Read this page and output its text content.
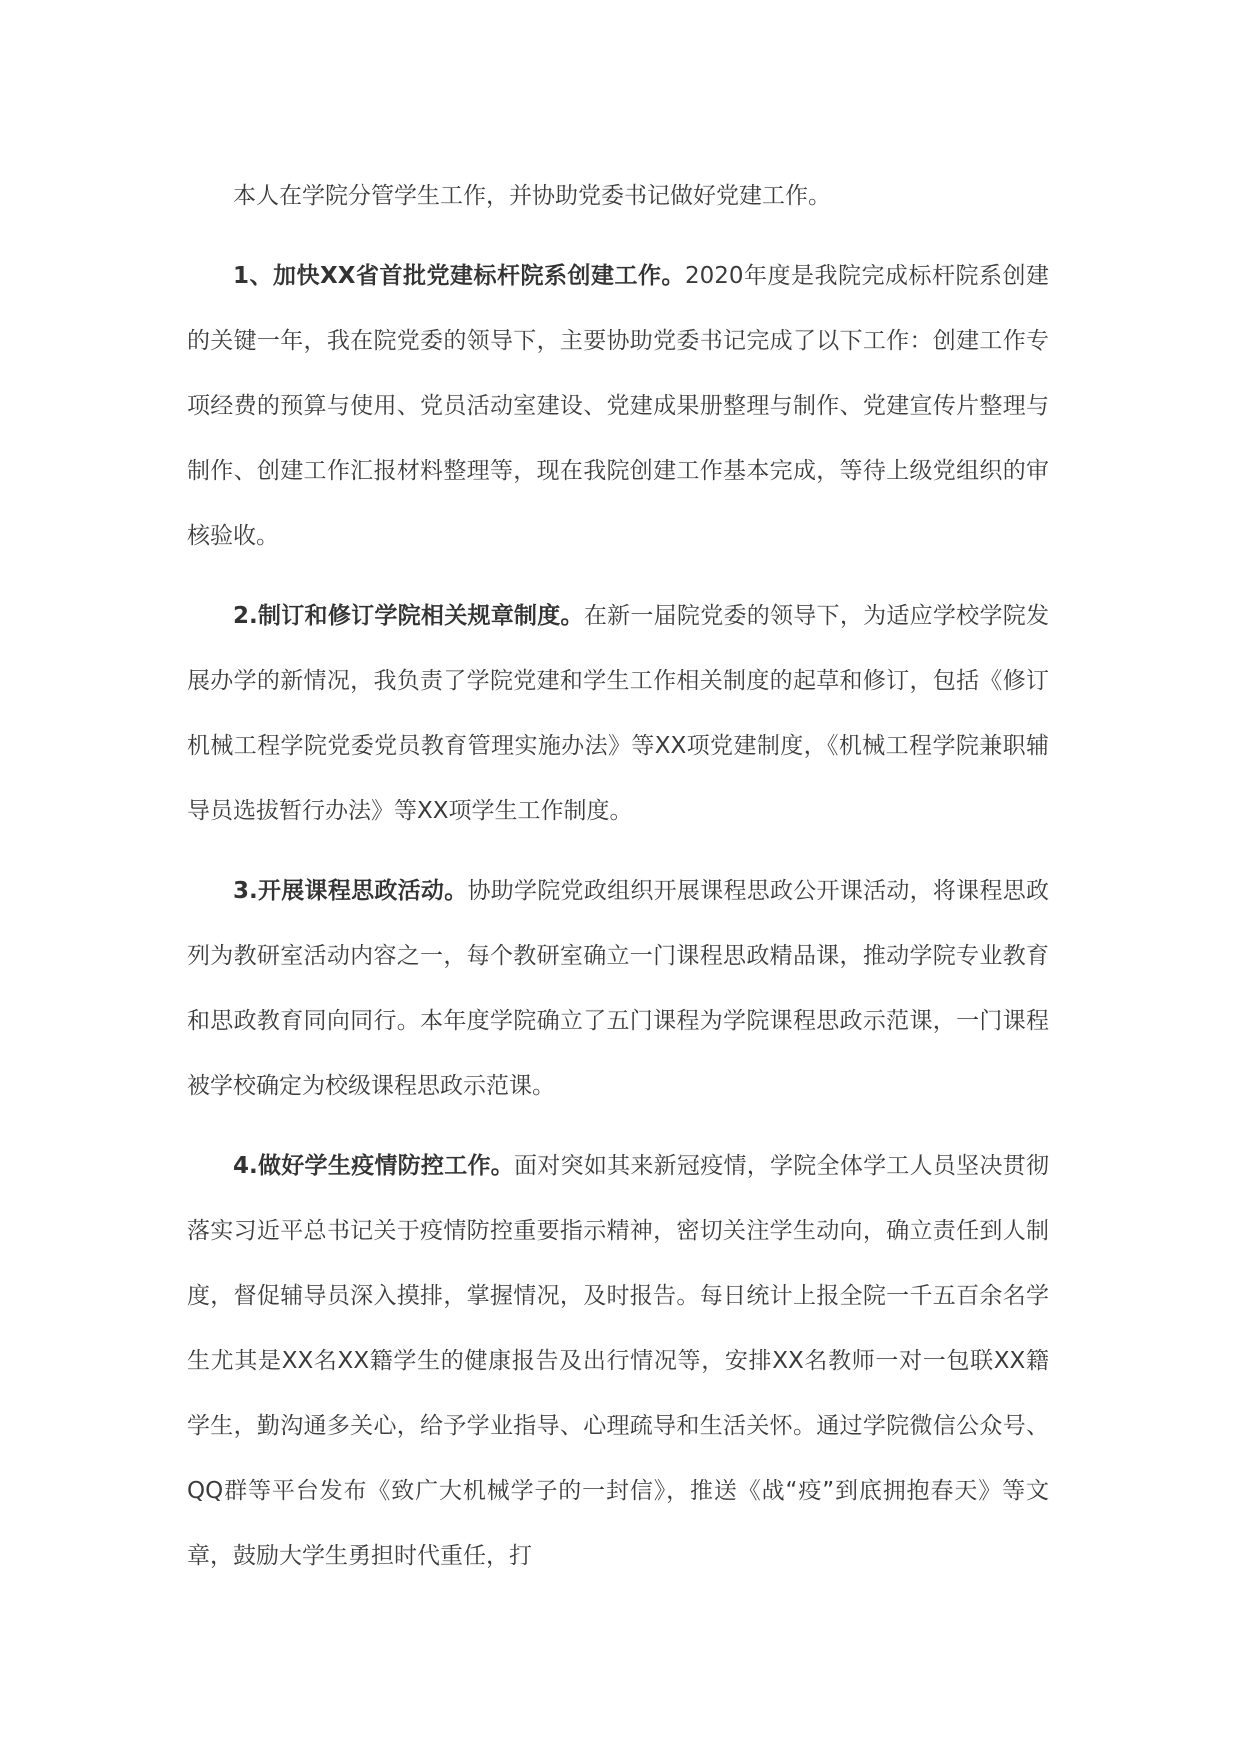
本人在学院分管学生工作，并协助党委书记做好党建工作。

1、加快XX省首批党建标杆院系创建工作。2020年度是我院完成标杆院系创建的关键一年，我在院党委的领导下，主要协助党委书记完成了以下工作：创建工作专项经费的预算与使用、党员活动室建设、党建成果册整理与制作、党建宣传片整理与制作、创建工作汇报材料整理等，现在我院创建工作基本完成，等待上级党组织的审核验收。

2.制订和修订学院相关规章制度。在新一届院党委的领导下，为适应学校学院发展办学的新情况，我负责了学院党建和学生工作相关制度的起草和修订，包括《修订机械工程学院党委党员教育管理实施办法》等XX项党建制度，《机械工程学院兼职辅导员选拔暂行办法》等XX项学生工作制度。

3.开展课程思政活动。协助学院党政组织开展课程思政公开课活动，将课程思政列为教研室活动内容之一，每个教研室确立一门课程思政精品课，推动学院专业教育和思政教育同向同行。本年度学院确立了五门课程为学院课程思政示范课，一门课程被学校确定为校级课程思政示范课。

4.做好学生疫情防控工作。面对突如其来新冠疫情，学院全体学工人员坚决贯彻落实习近平总书记关于疫情防控重要指示精神，密切关注学生动向，确立责任到人制度，督促辅导员深入摸排，掌握情况，及时报告。每日统计上报全院一千五百余名学生尤其是XX名XX籍学生的健康报告及出行情况等，安排XX名教师一对一包联XX籍学生，勤沟通多关心，给予学业指导、心理疏导和生活关怀。通过学院微信公众号、QQ群等平台发布《致广大机械学子的一封信》，推送《战“疫”到底拥抱春天》等文章，鼓励大学生勇担时代重任，打
